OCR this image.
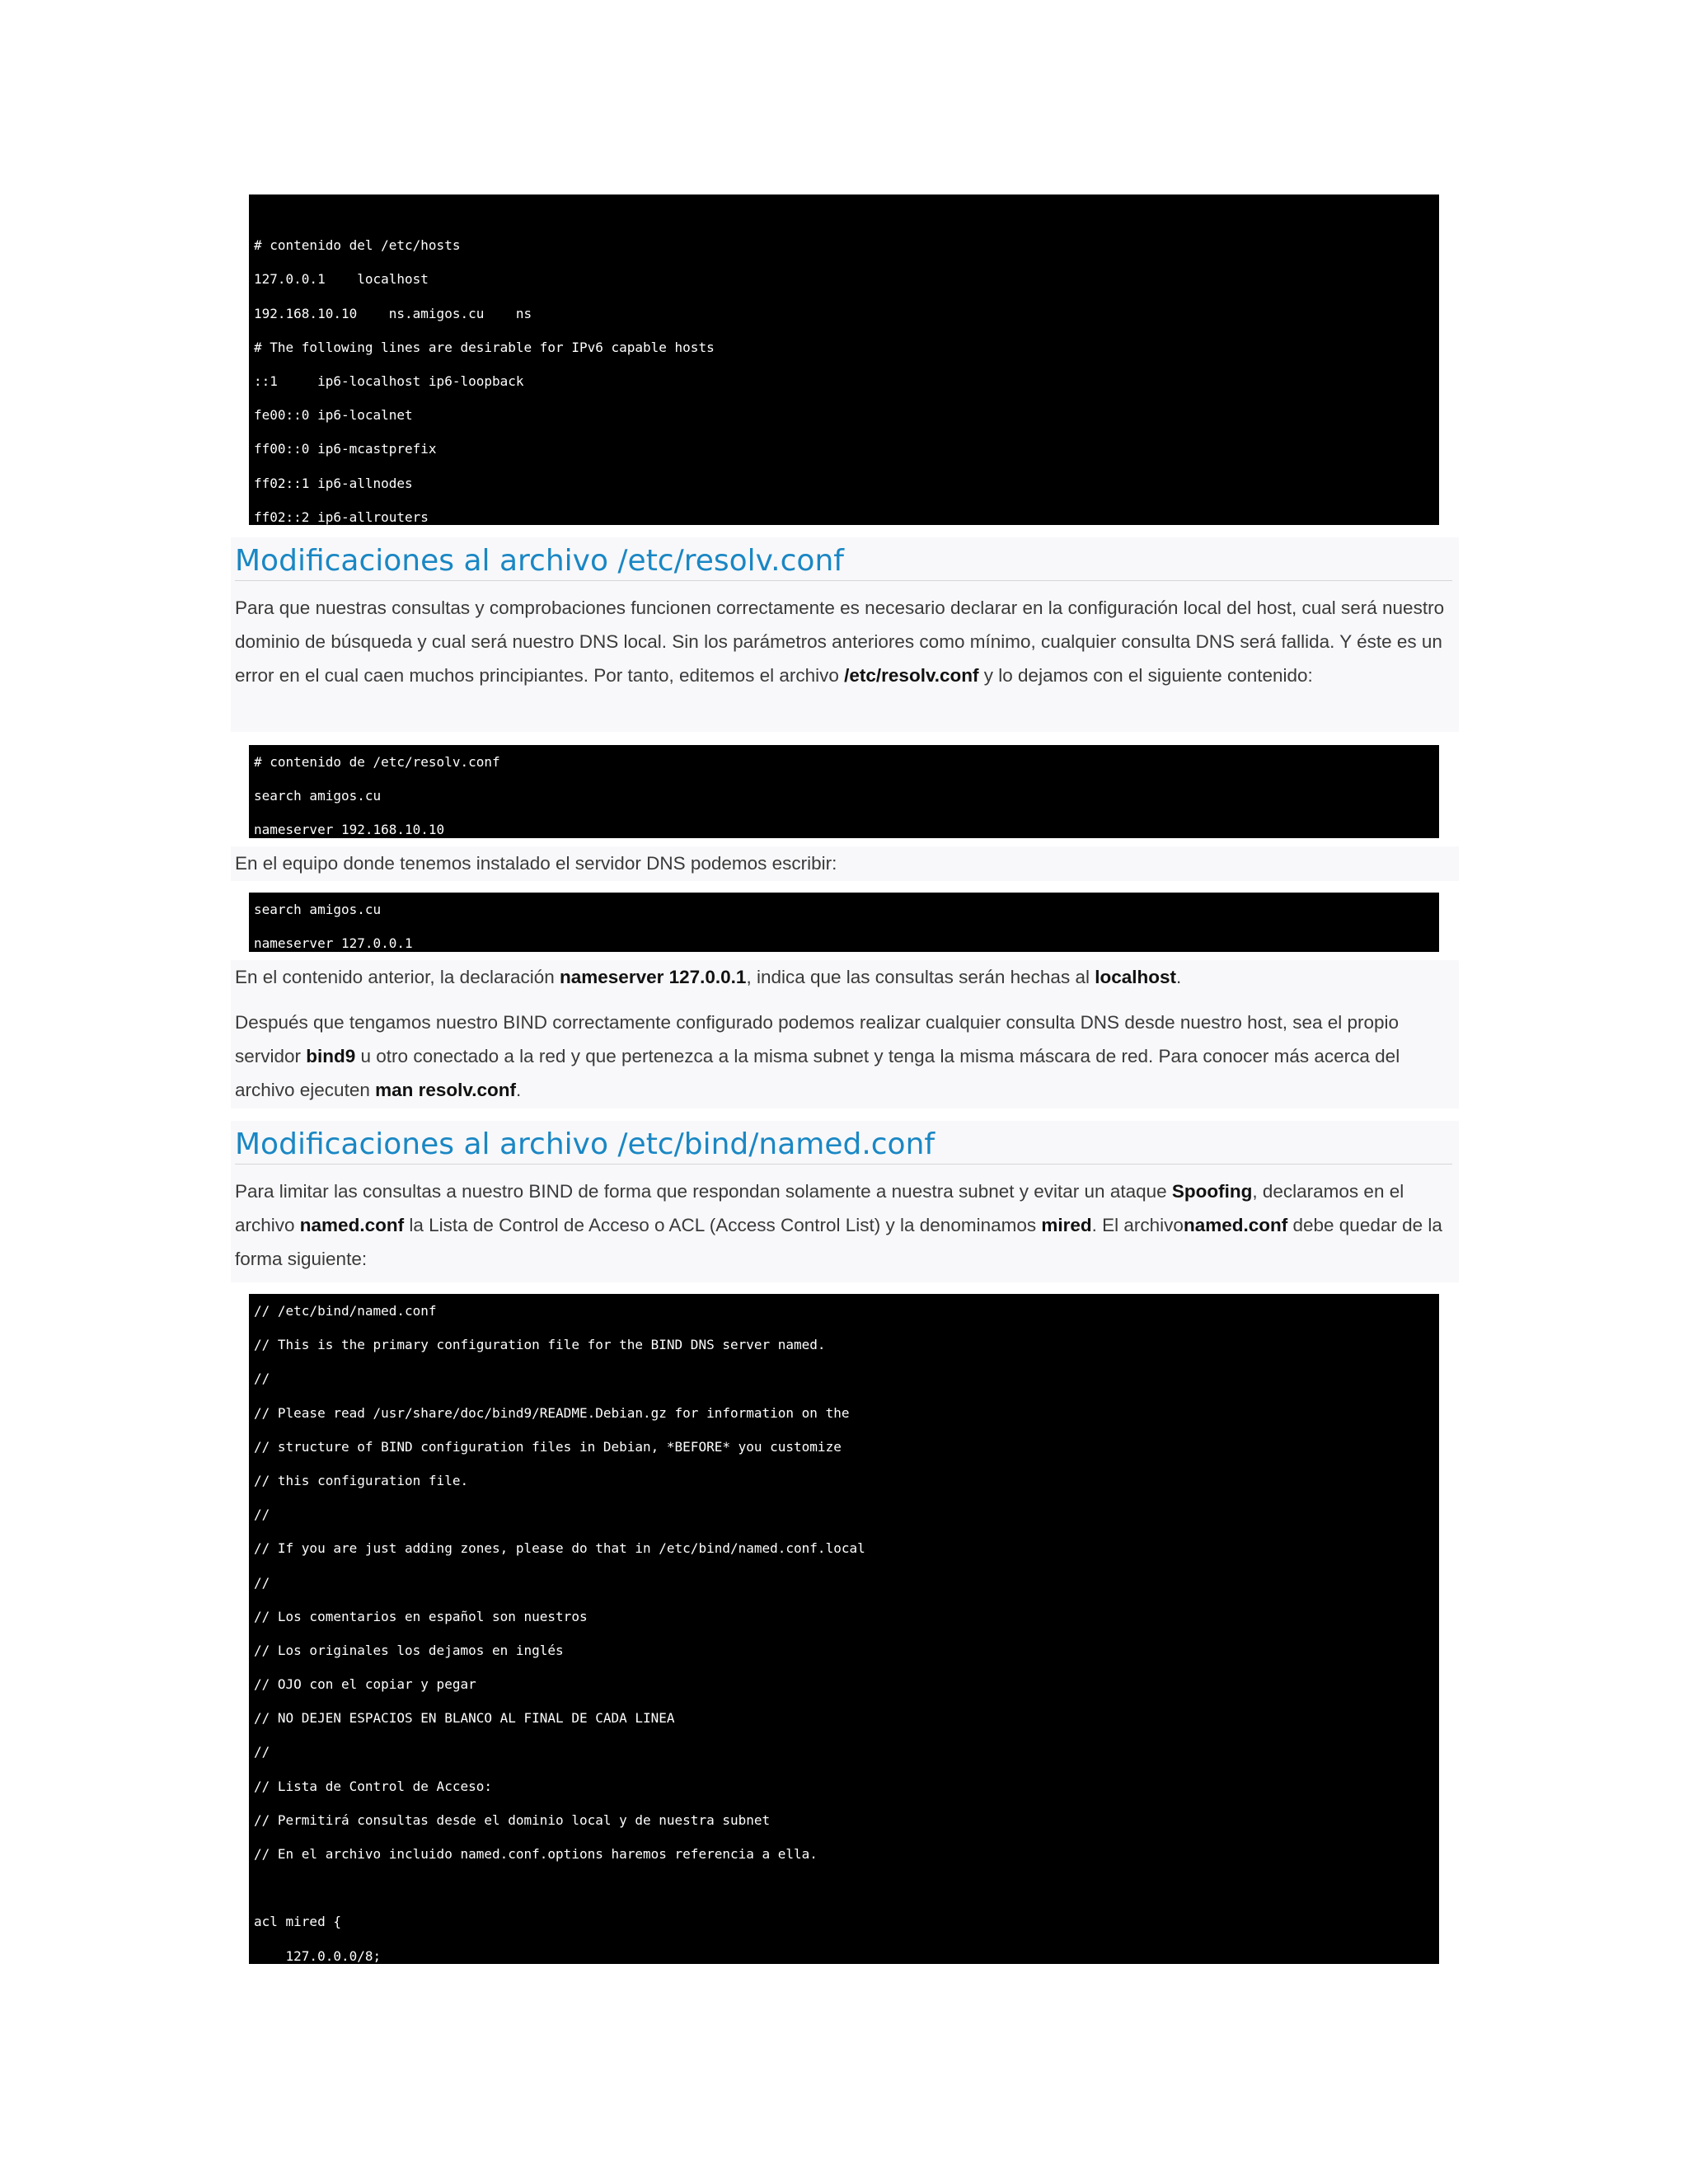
# contenido del /etc/hosts
127.0.0.1    localhost
192.168.10.10    ns.amigos.cu    ns
# The following lines are desirable for IPv6 capable hosts
::1     ip6-localhost ip6-loopback
fe00::0 ip6-localnet
ff00::0 ip6-mcastprefix
ff02::1 ip6-allnodes
ff02::2 ip6-allrouters
Modificaciones al archivo /etc/resolv.conf

Para que nuestras consultas y comprobaciones funcionen correctamente es necesario declarar en la configuración local del host, cual será nuestro dominio de búsqueda y cual será nuestro DNS local. Sin los parámetros anteriores como mínimo, cualquier consulta DNS será fallida. Y éste es un error en el cual caen muchos principiantes. Por tanto, editemos el archivo /etc/resolv.conf y lo dejamos con el siguiente contenido:

# contenido de /etc/resolv.conf
search amigos.cu
nameserver 192.168.10.10

En el equipo donde tenemos instalado el servidor DNS podemos escribir:

search amigos.cu
nameserver 127.0.0.1

En el contenido anterior, la declaración nameserver 127.0.0.1, indica que las consultas serán hechas al localhost.

Después que tengamos nuestro BIND correctamente configurado podemos realizar cualquier consulta DNS desde nuestro host, sea el propio servidor bind9 u otro conectado a la red y que pertenezca a la misma subnet y tenga la misma máscara de red. Para conocer más acerca del archivo ejecuten man resolv.conf.

Modificaciones al archivo /etc/bind/named.conf

Para limitar las consultas a nuestro BIND de forma que respondan solamente a nuestra subnet y evitar un ataque Spoofing, declaramos en el archivo named.conf la Lista de Control de Acceso o ACL (Access Control List) y la denominamos mired. El archivonamed.conf debe quedar de la forma siguiente:

// /etc/bind/named.conf
// This is the primary configuration file for the BIND DNS server named.
//
// Please read /usr/share/doc/bind9/README.Debian.gz for information on the
// structure of BIND configuration files in Debian, *BEFORE* you customize
// this configuration file.
//
// If you are just adding zones, please do that in /etc/bind/named.conf.local
//
// Los comentarios en español son nuestros
// Los originales los dejamos en inglés
// OJO con el copiar y pegar
// NO DEJEN ESPACIOS EN BLANCO AL FINAL DE CADA LINEA
//
// Lista de Control de Acceso:
// Permitirá consultas desde el dominio local y de nuestra subnet
// En el archivo incluido named.conf.options haremos referencia a ella.
acl mired {
127.0.0.0/8;
